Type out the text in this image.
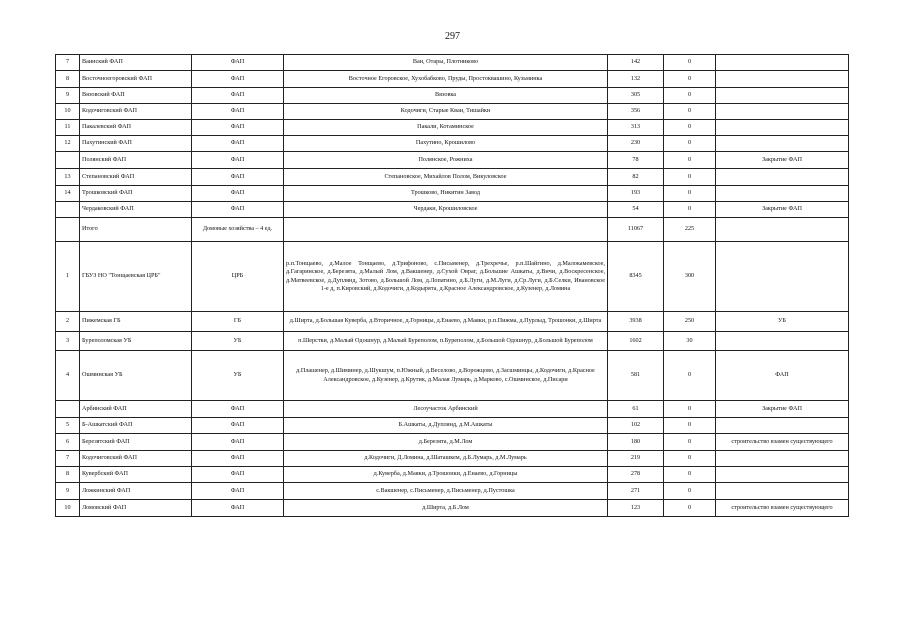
297
7	Ваинский ФАП	ФАП	Ваи, Отары, Плотниково	142	0	
8	Восточноегоровский ФАП	ФАП	Восточное Егоровское, Хухобабково, Пруды, Простоквашино, Кузьминка	132	0	
9	Вязовский ФАП	ФАП	Вязовка	305	0	
10	Кодочиговский ФАП	ФАП	Кодочиги, Старые Кваи, Тишайки	356	0	
11	Пакалевский ФАП	ФАП	Пакали, Котаминское	313	0	
12	Пахутинский ФАП	ФАП	Пахутино, Крошилово	230	0	
	Полянский ФАП	ФАП	Полянское, Рожниха	78	0	Закрытие ФАП
13	Степановский ФАП	ФАП	Степановское, Михайлов Полом, Викуловское	82	0	
14	Трошковский ФАП	ФАП	Трошково, Никитин Завод	193	0	
	Чердаковский ФАП	ФАП	Чердаки, Крошиловское	54	0	Закрытие ФАП
	Итого	Домовые хозяйства – 4 ед.		11067	225	
1	ГБУЗ НО "Тонщаевская ЦРБ"	ЦРБ	р.п.Тонщаево, д.Малое Тонщаево, д.Трифоново, с.Письменер, д.Трехречье, р.п.Шайгино, д.Малокамевское, д.Гагаринское, д.Березята, д.Малый Лом, д.Вакшенер, д.Сухой Овраг, д.Большие Ашкаты, д.Вичи, д.Воскресенское, д.Матвеевское, д.Дуплянд, Зотово, д.Большой Лом, д.Лопатино, д.Б.Луги, д.М.Луги, д.Ср.Луги, д.Б.Селки, Ивановское 1-е д, п.Кировский, д.Кодочиги, д.Кодырята, д.Красное Александровское, д.Кузенер, д.Ломина	8345	300	
2	Пижемская ГБ	ГБ	д.Ширта, д.Большая Куверба, д.Вторичное, д.Горницы, д.Енаево, д.Маяки, р.п.Пижма, д.Пурлыд, Трошонки, д.Ширта	3938	250	УБ
3	Буреполомская УБ	УБ	п.Шерстки, д.Малый Одошнур, д.Малый Буреполом, п.Буреполом, д.Большой Одошнур, д.Большой Буреполом	1602	30	
4	Ошминская УБ	УБ	д.Плашенер, д.Шиминер, д.Шукшум, п.Южный, д.Веселово, д.Ворожцово, д.Засшминцы, д.Кодочиги, д.Красное Александровское, д.Кузенер, д.Крутик, д.Малая Лумарь, д.Марково, с.Ошминское, д.Писари	581	0	ФАП
	Арбинский ФАП	ФАП	Лесоучасток Арбинский	61	0	Закрытие ФАП
5	Б-Ашкатский ФАП	ФАП	Б.Ашкаты, д.Дуплянд, д.М.Ашкаты	102	0	
6	Березятский ФАП	ФАП	д.Березята, д.М.Лом	180	0	строительство взамен существующего
7	Кодочиговский ФАП	ФАП	д.Кодочиги, Д.Ломина, д.Шаташкем, д.Б.Лумарь, д.М.Лумарь	219	0	
8	Кувербский ФАП	ФАП	д.Куверба, д.Маяки, д.Трошонки, д.Енаево, д.Горницы	278	0	
9	Ложкинский ФАП	ФАП	с.Вакшенер, с.Письменер, д.Письменер, д.Пустошка	271	0	
10	Ломовский ФАП	ФАП	д.Ширта, д.Б.Лом	123	0	строительство взамен существующего
